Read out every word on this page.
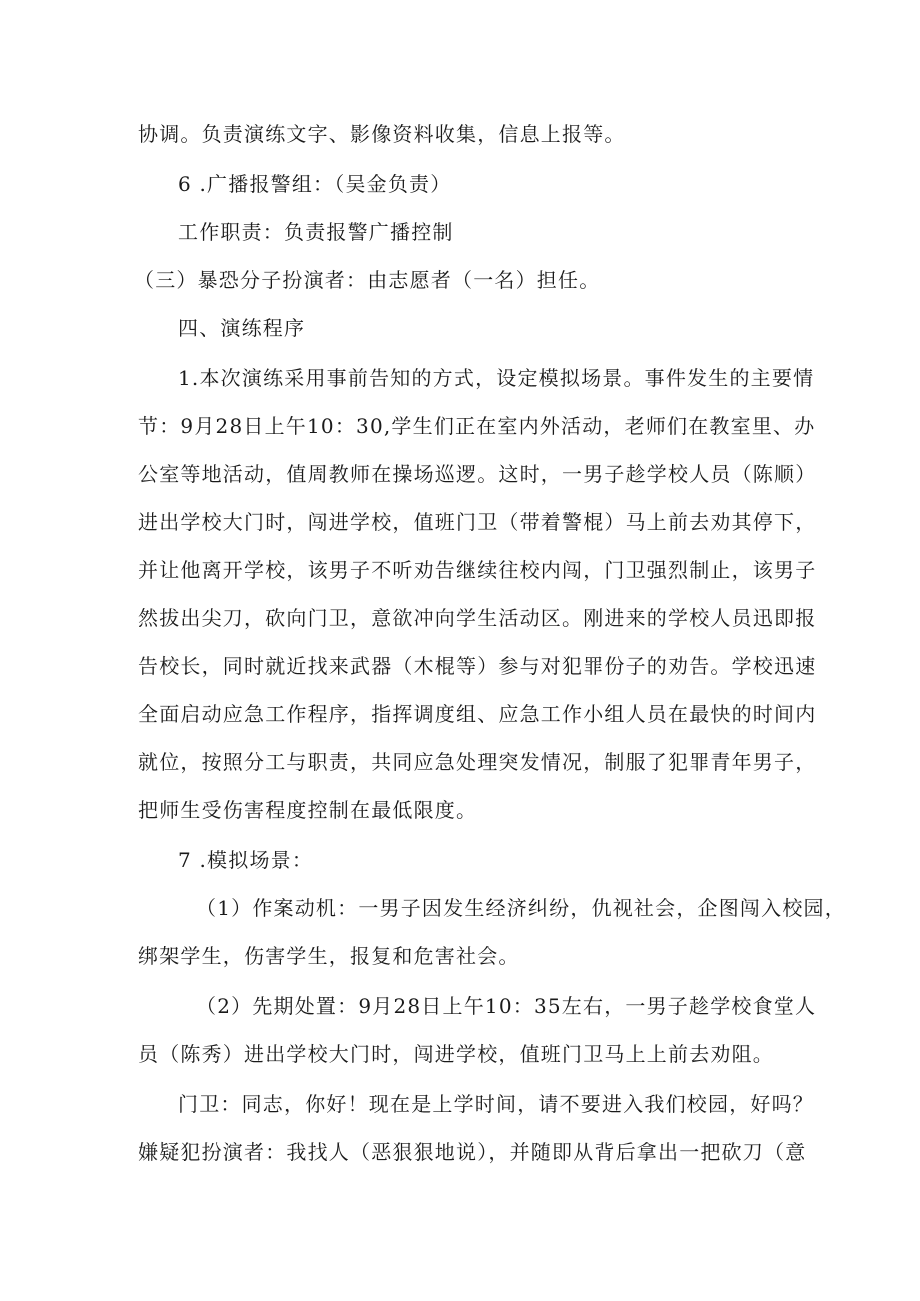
协调。负责演练文字、影像资料收集，信息上报等。
6 .广播报警组：（吴金负责）
工作职责：负责报警广播控制
（三）暴恐分子扮演者：由志愿者（一名）担任。
四、演练程序
1.本次演练采用事前告知的方式，设定模拟场景。事件发生的主要情
节：9月28日上午10：30,学生们正在室内外活动，老师们在教室里、办
公室等地活动，值周教师在操场巡逻。这时，一男子趁学校人员（陈顺）
进出学校大门时，闯进学校，值班门卫（带着警棍）马上前去劝其停下，
并让他离开学校，该男子不听劝告继续往校内闯，门卫强烈制止，该男子
然拔出尖刀，砍向门卫，意欲冲向学生活动区。刚进来的学校人员迅即报
告校长，同时就近找来武器（木棍等）参与对犯罪份子的劝告。学校迅速
全面启动应急工作程序，指挥调度组、应急工作小组人员在最快的时间内
就位，按照分工与职责，共同应急处理突发情况，制服了犯罪青年男子，
把师生受伤害程度控制在最低限度。
7 .模拟场景：
（1）作案动机：一男子因发生经济纠纷，仇视社会，企图闯入校园，
绑架学生，伤害学生，报复和危害社会。
（2）先期处置：9月28日上午10：35左右，一男子趁学校食堂人
员（陈秀）进出学校大门时，闯进学校，值班门卫马上上前去劝阻。
门卫：同志，你好！现在是上学时间，请不要进入我们校园，好吗？
嫌疑犯扮演者：我找人（恶狠狠地说），并随即从背后拿出一把砍刀（意
